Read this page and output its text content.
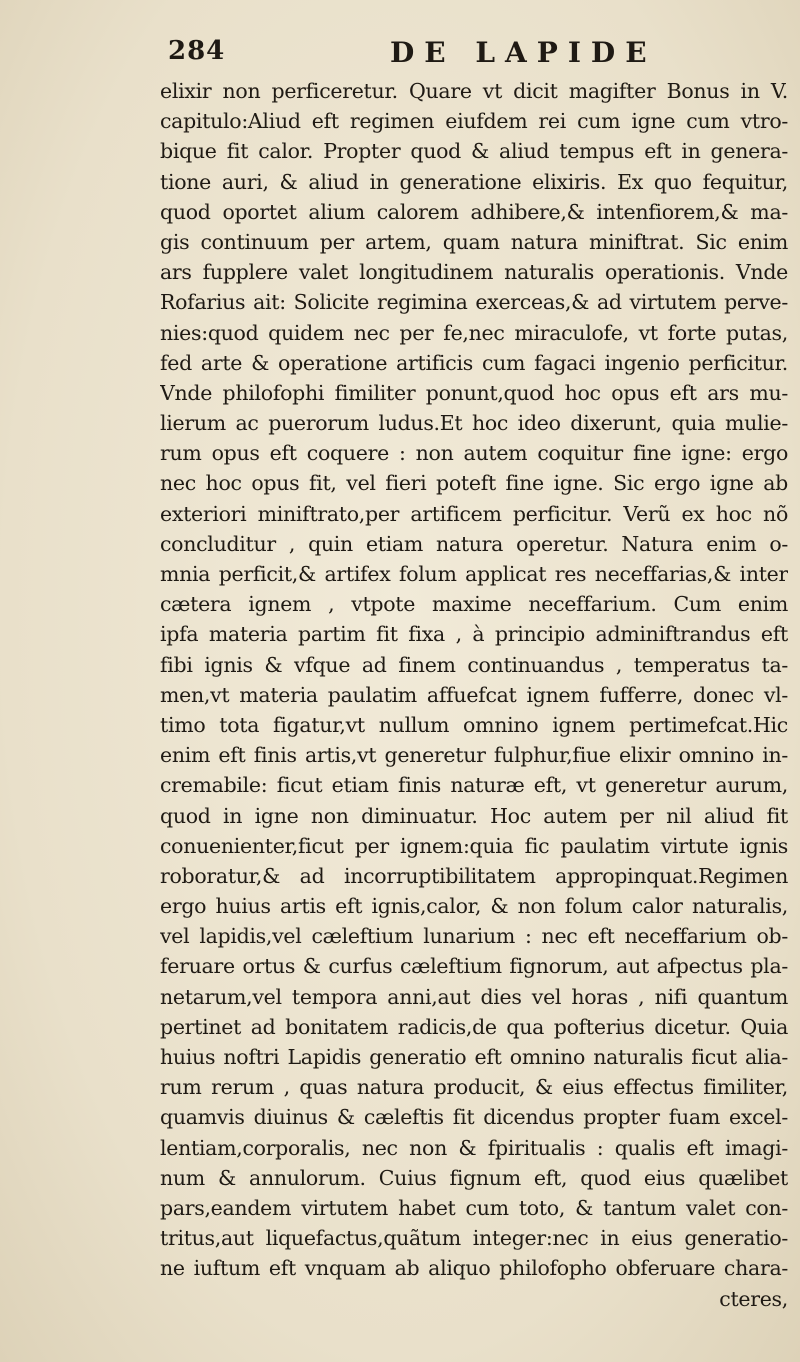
284	DE LAPIDE
elixir non perficeretur. Quare vt dicit magifter Bonus in V.
capitulo:Aliud eft regimen eiufdem rei cum igne cum vtro-
bique fit calor. Propter quod & aliud tempus eft in genera-
tione auri, & aliud in generatione elixiris. Ex quo fequitur,
quod oportet alium calorem adhibere,& intenfiorem,& ma-
gis continuum per artem, quam natura miniftrat. Sic enim
ars fupplere valet longitudinem naturalis operationis. Vnde
Rofarius ait: Solicite regimina exerceas,& ad virtutem perve-
nies:quod quidem nec per fe,nec miraculofe, vt forte putas,
fed arte & operatione artificis cum fagaci ingenio perficitur.
Vnde philofophi fimiliter ponunt,quod hoc opus eft ars mu-
lierum ac puerorum ludus.Et hoc ideo dixerunt, quia mulie-
rum opus eft coquere : non autem coquitur fine igne: ergo
nec hoc opus fit, vel fieri poteft fine igne. Sic ergo igne ab
exteriori miniftrato,per artificem perficitur. Verũ ex hoc nõ
concluditur , quin etiam natura operetur. Natura enim o-
mnia perficit,& artifex folum applicat res neceffarias,& inter
cætera ignem , vtpote maxime neceffarium. Cum enim
ipfa materia partim fit fixa , à principio adminiftrandus eft
fibi ignis & vfque ad finem continuandus , temperatus ta-
men,vt materia paulatim affuefcat ignem fufferre, donec vl-
timo tota figatur,vt nullum omnino ignem pertimefcat.Hic
enim eft finis artis,vt generetur fulphur,fiue elixir omnino in-
cremabile: ficut etiam finis naturæ eft, vt generetur aurum,
quod in igne non diminuatur. Hoc autem per nil aliud fit
conuenienter,ficut per ignem:quia fic paulatim virtute ignis
roboratur,& ad incorruptibilitatem appropinquat.Regimen
ergo huius artis eft ignis,calor, & non folum calor naturalis,
vel lapidis,vel cæleftium lunarium : nec eft neceffarium ob-
feruare ortus & curfus cæleftium fignorum, aut afpectus pla-
netarum,vel tempora anni,aut dies vel horas , nifi quantum
pertinet ad bonitatem radicis,de qua pofterius dicetur. Quia
huius noftri Lapidis generatio eft omnino naturalis ficut alia-
rum rerum , quas natura producit, & eius effectus fimiliter,
quamvis diuinus & cæleftis fit dicendus propter fuam excel-
lentiam,corporalis, nec non & fpiritualis : qualis eft imagi-
num & annulorum. Cuius fignum eft, quod eius quælibet
pars,eandem virtutem habet cum toto, & tantum valet con-
tritus,aut liquefactus,quãtum integer:nec in eius generatio-
ne iuftum eft vnquam ab aliquo philofopho obferuare chara-
cteres,
